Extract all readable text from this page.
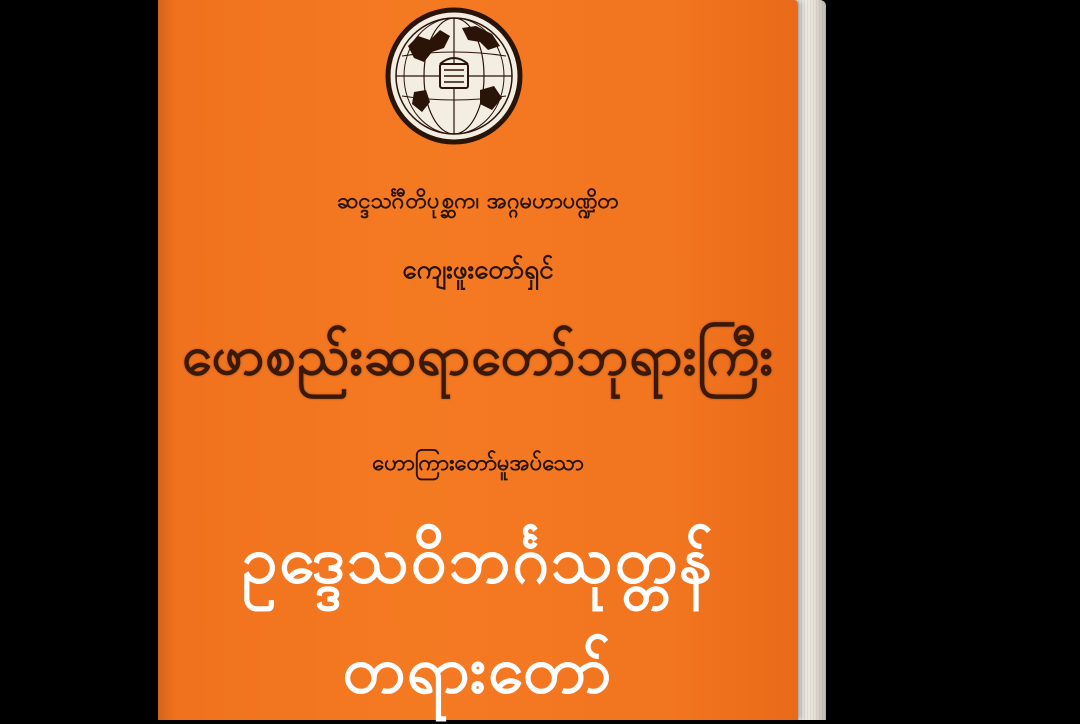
ဆင္ဒသင်္ဂီတိပုစ္ဆက၊ အဂ္ဂမဟာပဏ္ဍိတ
ကျေးဖူးတော်ရှင်
ဖောစည်းဆရာတော်ဘုရားကြီး
ဟောကြားတော်မူအပ်သော
ဥဒ္ဒေသဝိဘင်္ဂသုတ္တန်
တရားတော်
